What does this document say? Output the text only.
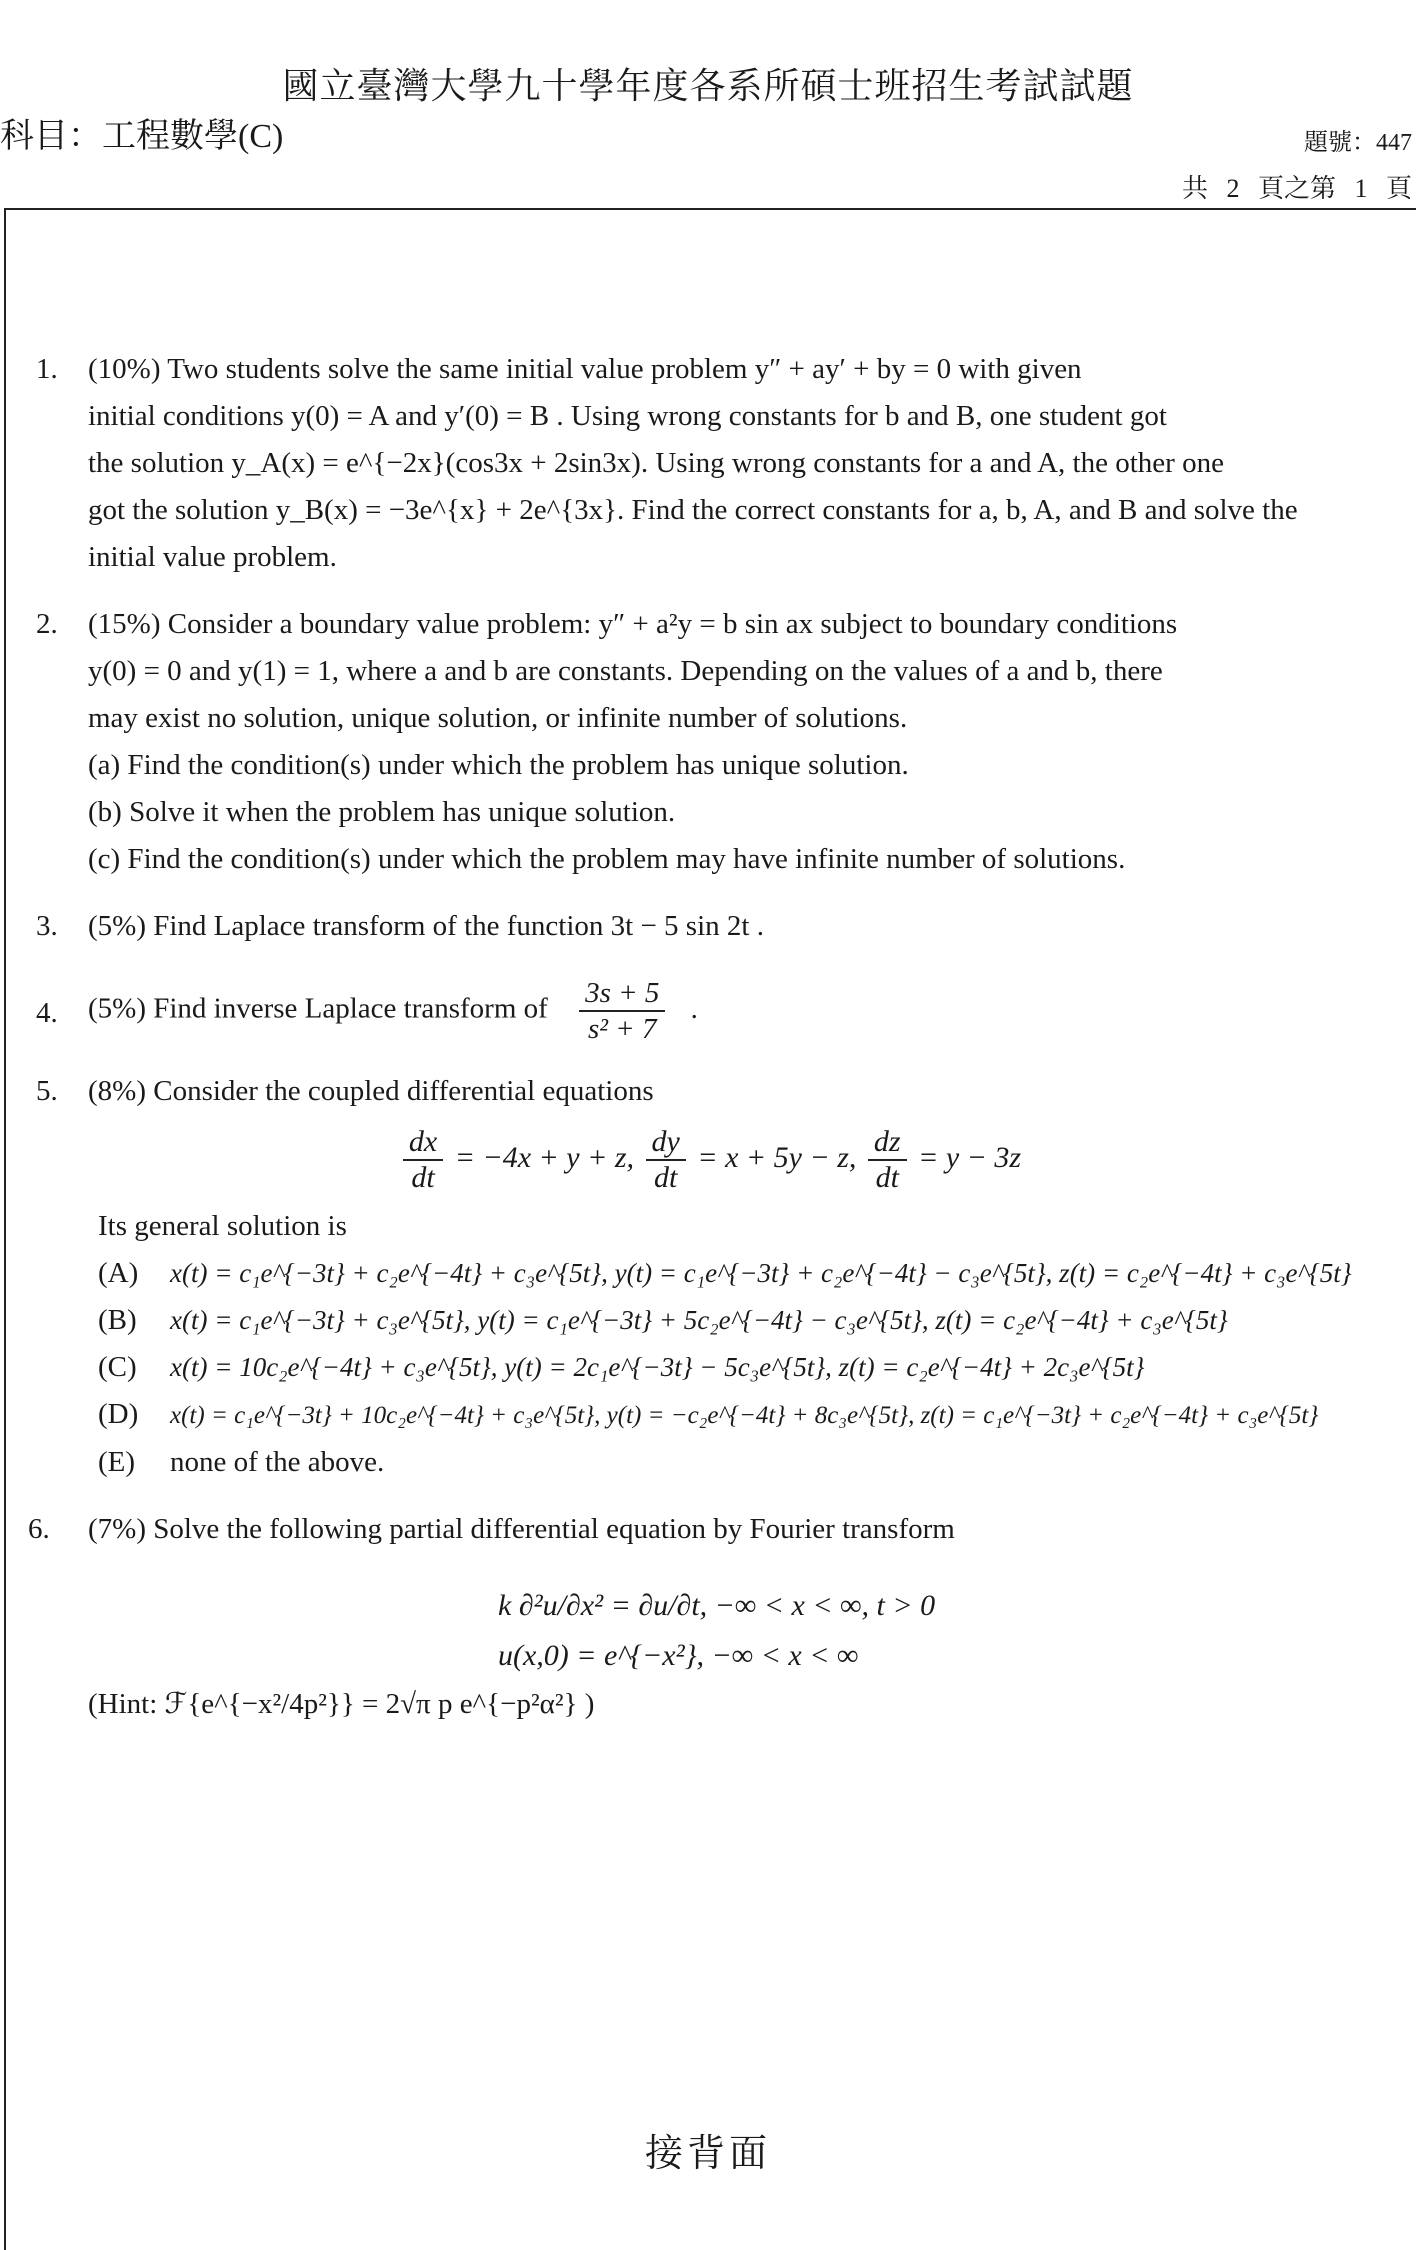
國立臺灣大學九十學年度各系所碩士班招生考試試題
科目：工程數學(C)	題號：447
共 2 頁之第 1 頁
1. (10%) Two students solve the same initial value problem y″ + ay′ + by = 0 with given

initial conditions y(0) = A and y′(0) = B . Using wrong constants for b and B, one student got

the solution y_A(x) = e^{−2x}(cos3x + 2sin3x). Using wrong constants for a and A, the other one

got the solution y_B(x) = −3e^{x} + 2e^{3x}. Find the correct constants for a, b, A, and B and solve the

initial value problem.

2. (15%) Consider a boundary value problem: y″ + a²y = b sin ax subject to boundary conditions

y(0) = 0 and y(1) = 1, where a and b are constants. Depending on the values of a and b, there

may exist no solution, unique solution, or infinite number of solutions.

(a) Find the condition(s) under which the problem has unique solution.

(b) Solve it when the problem has unique solution.

(c) Find the condition(s) under which the problem may have infinite number of solutions.

3. (5%) Find Laplace transform of the function 3t − 5 sin 2t .

4. (5%) Find inverse Laplace transform of $\frac{3s + 5}{\text{s² + 7}}$ .

5. (8%) Consider the coupled differential equations

$\frac{dx}{dt} = -4x + y + z$, $\frac{dy}{dt} = x + 5y - z$, $\frac{dz}{dt} = y - 3z$

Its general solution is

(A) x(t) = c₁e^{−3t} + c₂e^{−4t} + c₃e^{5t}, y(t) = c₁e^{−3t} + c₂e^{−4t} − c₃e^{5t}, z(t) = c₂e^{−4t} + c₃e^{5t}

(B) x(t) = c₁e^{−3t} + c₃e^{5t}, y(t) = c₁e^{−3t} + 5c₂e^{−4t} − c₃e^{5t}, z(t) = c₂e^{−4t} + c₃e^{5t}

(C) x(t) = 10c₂e^{−4t} + c₃e^{5t}, y(t) = 2c₁e^{−3t} − 5c₃e^{5t}, z(t) = c₂e^{−4t} + 2c₃e^{5t}

(D) x(t) = c₁e^{−3t} + 10c₂e^{−4t} + c₃e^{5t}, y(t) = −c₂e^{−4t} + 8c₃e^{5t}, z(t) = c₁e^{−3t} + c₂e^{−4t} + c₃e^{5t}

(E) none of the above.

6. (7%) Solve the following partial differential equation by Fourier transform

k ∂²u/∂x² = ∂u/∂t, −∞ < x < ∞, t > 0
u(x,0) = e^{−x²}, −∞ < x < ∞

(Hint: ℱ{e^{−x²/4p²}} = 2√π p e^{−p²α²} )

接背面
